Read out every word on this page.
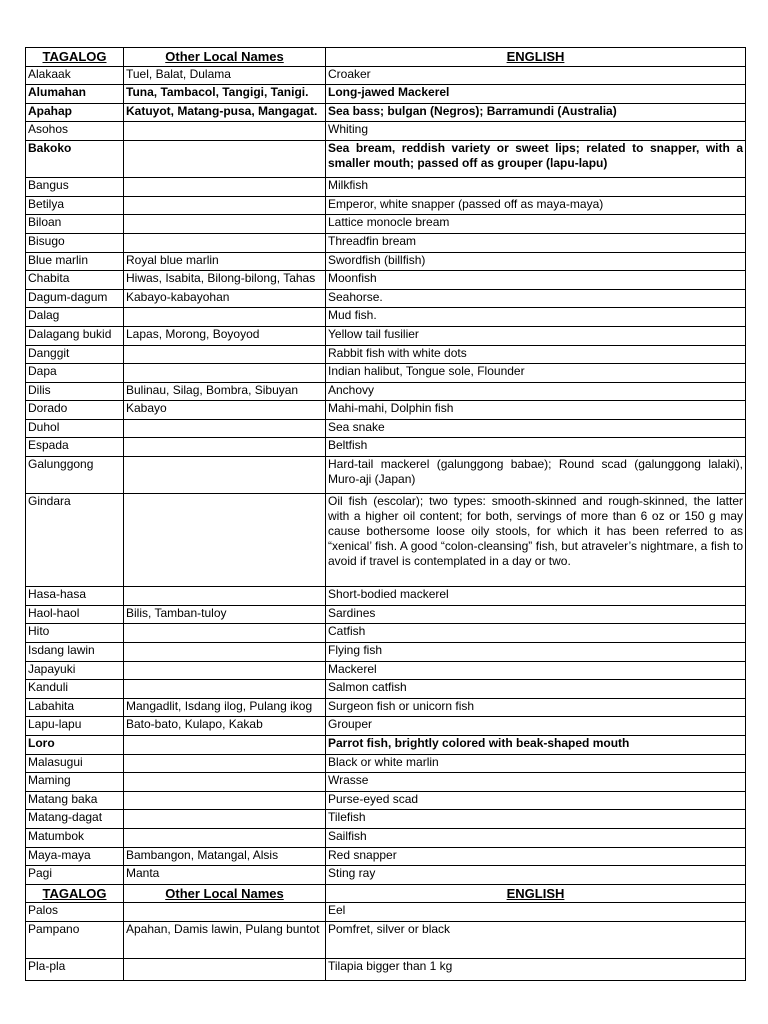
TAGALOG	Other Local Names	ENGLISH
Alakaak	Tuel, Balat, Dulama	Croaker
Alumahan	Tuna, Tambacol, Tangigi, Tanigi.	Long-jawed Mackerel
Apahap	Katuyot, Matang-pusa, Mangagat.	Sea bass; bulgan (Negros); Barramundi (Australia)
Asohos		Whiting
Bakoko		Sea bream, reddish variety or sweet lips; related to snapper, with a smaller mouth; passed off as grouper (lapu-lapu)
Bangus		Milkfish
Betilya		Emperor, white snapper (passed off as maya-maya)
Biloan		Lattice monocle bream
Bisugo		Threadfin bream
Blue marlin	Royal blue marlin	Swordfish (billfish)
Chabita	Hiwas, Isabita, Bilong-bilong, Tahas	Moonfish
Dagum-dagum	Kabayo-kabayohan	Seahorse.
Dalag		Mud fish.
Dalagang bukid	Lapas, Morong, Boyoyod	Yellow tail fusilier
Danggit		Rabbit fish with white dots
Dapa		Indian halibut, Tongue sole, Flounder
Dilis	Bulinau, Silag, Bombra, Sibuyan	Anchovy
Dorado	Kabayo	Mahi-mahi, Dolphin fish
Duhol		Sea snake
Espada		Beltfish
Galunggong		Hard-tail mackerel (galunggong babae); Round scad (galunggong lalaki), Muro-aji (Japan)
Gindara		Oil fish (escolar); two types: smooth-skinned and rough-skinned, the latter with a higher oil content; for both, servings of more than 6 oz or 150 g may cause bothersome loose oily stools, for which it has been referred to as “xenical’ fish. A good “colon-cleansing” fish, but atraveler’s nightmare, a fish to avoid if travel is contemplated in a day or two.
Hasa-hasa		Short-bodied mackerel
Haol-haol	Bilis, Tamban-tuloy	Sardines
Hito		Catfish
Isdang lawin		Flying fish
Japayuki		Mackerel
Kanduli		Salmon catfish
Labahita	Mangadlit, Isdang ilog, Pulang ikog	Surgeon fish or unicorn fish
Lapu-lapu	Bato-bato, Kulapo, Kakab	Grouper
Loro		Parrot fish, brightly colored with beak-shaped mouth
Malasugui		Black or white marlin
Maming		Wrasse
Matang baka		Purse-eyed scad
Matang-dagat		Tilefish
Matumbok		Sailfish
Maya-maya	Bambangon, Matangal, Alsis	Red snapper
Pagi	Manta	Sting ray
TAGALOG	Other Local Names	ENGLISH
Palos		Eel
Pampano	Apahan, Damis lawin, Pulang buntot	Pomfret, silver or black
Pla-pla		Tilapia bigger than 1 kg
